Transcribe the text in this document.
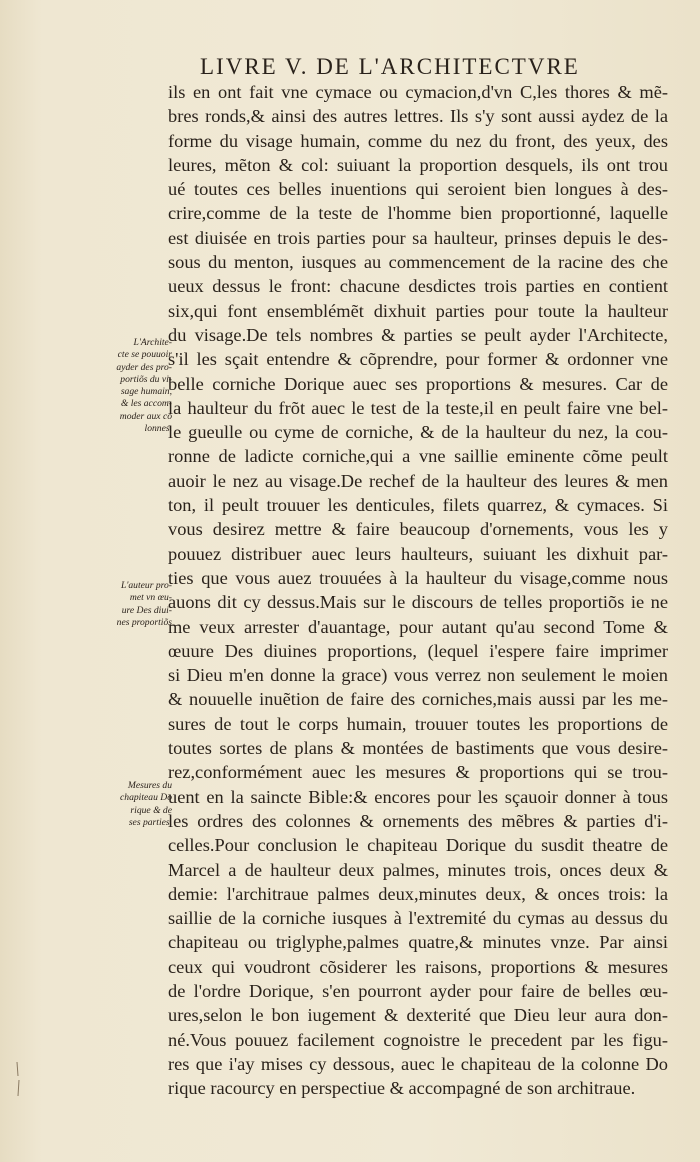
LIVRE V. DE L'ARCHITECTVRE
ils en ont fait vne cymace ou cymacion,d'vn C,les thores & mẽ-
bres ronds,& ainsi des autres lettres. Ils s'y sont aussi aydez de la
forme du visage humain, comme du nez du front, des yeux, des
leures, mẽton & col: suiuant la proportion desquels, ils ont trou
ué toutes ces belles inuentions qui seroient bien longues à des-
crire,comme de la teste de l'homme bien proportionné, laquelle
est diuisée en trois parties pour sa haulteur, prinses depuis le des-
sous du menton, iusques au commencement de la racine des che
ueux dessus le front: chacune desdictes trois parties en contient
six,qui font ensemblémẽt dixhuit parties pour toute la haulteur
du visage.De tels nombres & parties se peult ayder l'Architecte,
s'il les sçait entendre & cõprendre, pour former & ordonner vne
belle corniche Dorique auec ses proportions & mesures. Car de
la haulteur du frõt auec le test de la teste,il en peult faire vne bel-
le gueulle ou cyme de corniche, & de la haulteur du nez, la cou-
ronne de ladicte corniche,qui a vne saillie eminente cõme peult
auoir le nez au visage.De rechef de la haulteur des leures & men
ton, il peult trouuer les denticules, filets quarrez, & cymaces. Si
vous desirez mettre & faire beaucoup d'ornements, vous les y
pouuez distribuer auec leurs haulteurs, suiuant les dixhuit par-
ties que vous auez trouuées à la haulteur du visage,comme nous
auons dit cy dessus.Mais sur le discours de telles proportiõs ie ne
me veux arrester d'auantage, pour autant qu'au second Tome &
œuure Des diuines proportions, (lequel i'espere faire imprimer
si Dieu m'en donne la grace) vous verrez non seulement le moien
& nouuelle inuẽtion de faire des corniches,mais aussi par les me-
sures de tout le corps humain, trouuer toutes les proportions de
toutes sortes de plans & montées de bastiments que vous desire-
rez,conformément auec les mesures & proportions qui se trou-
uent en la saincte Bible:& encores pour les sçauoir donner à tous
les ordres des colonnes & ornements des mẽbres & parties d'i-
celles.Pour conclusion le chapiteau Dorique du susdit theatre de
Marcel a de haulteur deux palmes, minutes trois, onces deux &
demie: l'architraue palmes deux,minutes deux, & onces trois: la
saillie de la corniche iusques à l'extremité du cymas au dessus du
chapiteau ou triglyphe,palmes quatre,& minutes vnze. Par ainsi
ceux qui voudront cõsiderer les raisons, proportions & mesures
de l'ordre Dorique, s'en pourront ayder pour faire de belles œu-
ures,selon le bon iugement & dexterité que Dieu leur aura don-
né.Vous pouuez facilement cognoistre le precedent par les figu-
res que i'ay mises cy dessous, auec le chapiteau de la colonne Do
rique racourcy en perspectiue & accompagné de son architraue.
L'Archite-
cte se pouuoir
ayder des pro-
portiõs du vi-
sage humain,
& les accom-
moder aux co
lonnes.
L'auteur pro-
met vn œu-
ure Des diui-
nes proportiõs
Mesures du
chapiteau Do
rique & de
ses parties.
